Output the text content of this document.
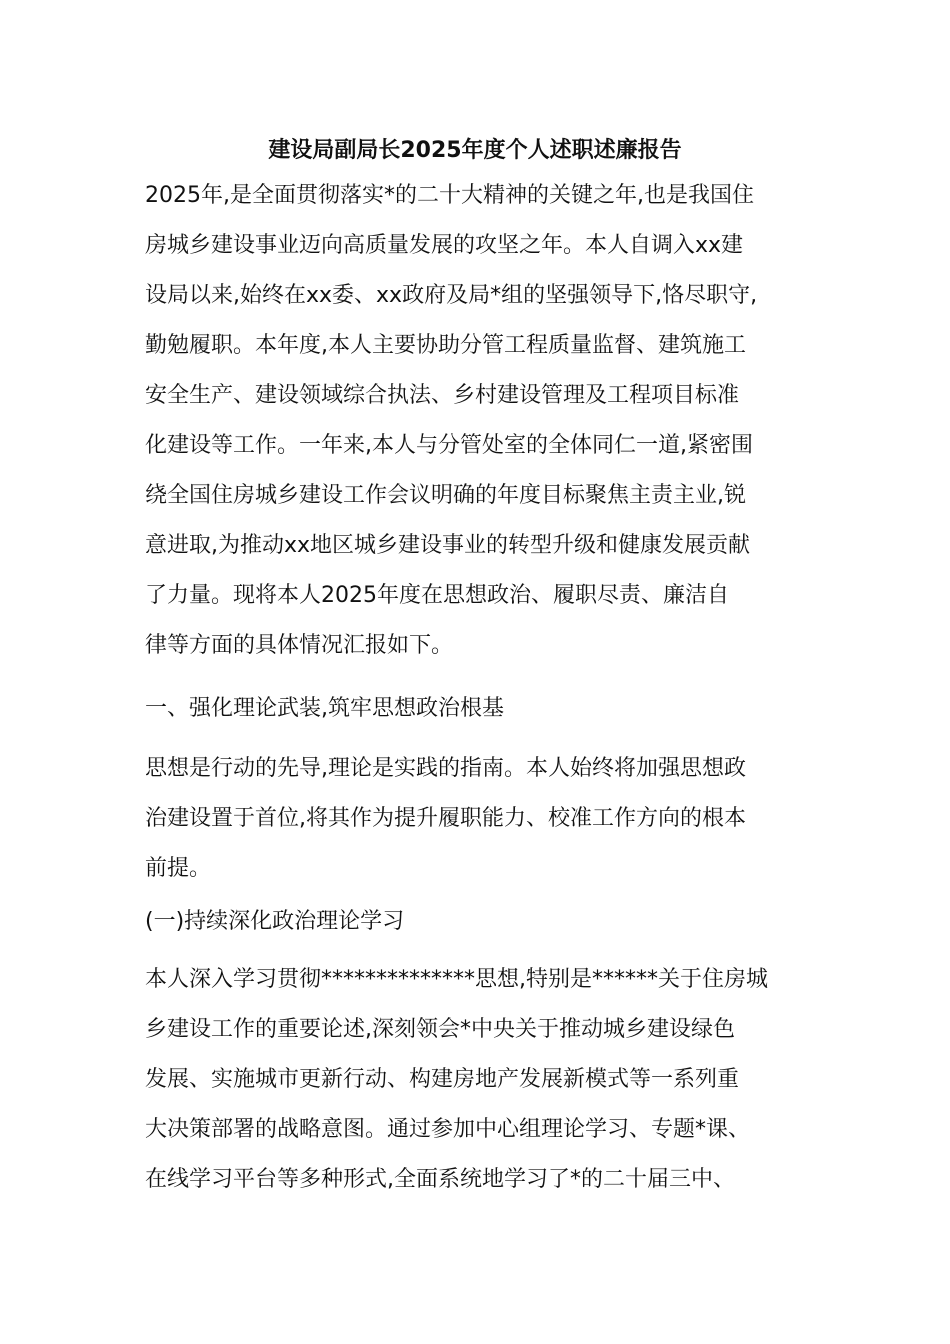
建设局副局长2025年度个人述职述廉报告
2025年,是全面贯彻落实*的二十大精神的关键之年,也是我国住
房城乡建设事业迈向高质量发展的攻坚之年。本人自调入xx建
设局以来,始终在xx委、xx政府及局*组的坚强领导下,恪尽职守,
勤勉履职。本年度,本人主要协助分管工程质量监督、建筑施工
安全生产、建设领域综合执法、乡村建设管理及工程项目标准
化建设等工作。一年来,本人与分管处室的全体同仁一道,紧密围
绕全国住房城乡建设工作会议明确的年度目标聚焦主责主业,锐
意进取,为推动xx地区城乡建设事业的转型升级和健康发展贡献
了力量。现将本人2025年度在思想政治、履职尽责、廉洁自
律等方面的具体情况汇报如下。
一、强化理论武装,筑牢思想政治根基
思想是行动的先导,理论是实践的指南。本人始终将加强思想政
治建设置于首位,将其作为提升履职能力、校准工作方向的根本
前提。
(一)持续深化政治理论学习
本人深入学习贯彻**************思想,特别是******关于住房城
乡建设工作的重要论述,深刻领会*中央关于推动城乡建设绿色
发展、实施城市更新行动、构建房地产发展新模式等一系列重
大决策部署的战略意图。通过参加中心组理论学习、专题*课、
在线学习平台等多种形式,全面系统地学习了*的二十届三中、
